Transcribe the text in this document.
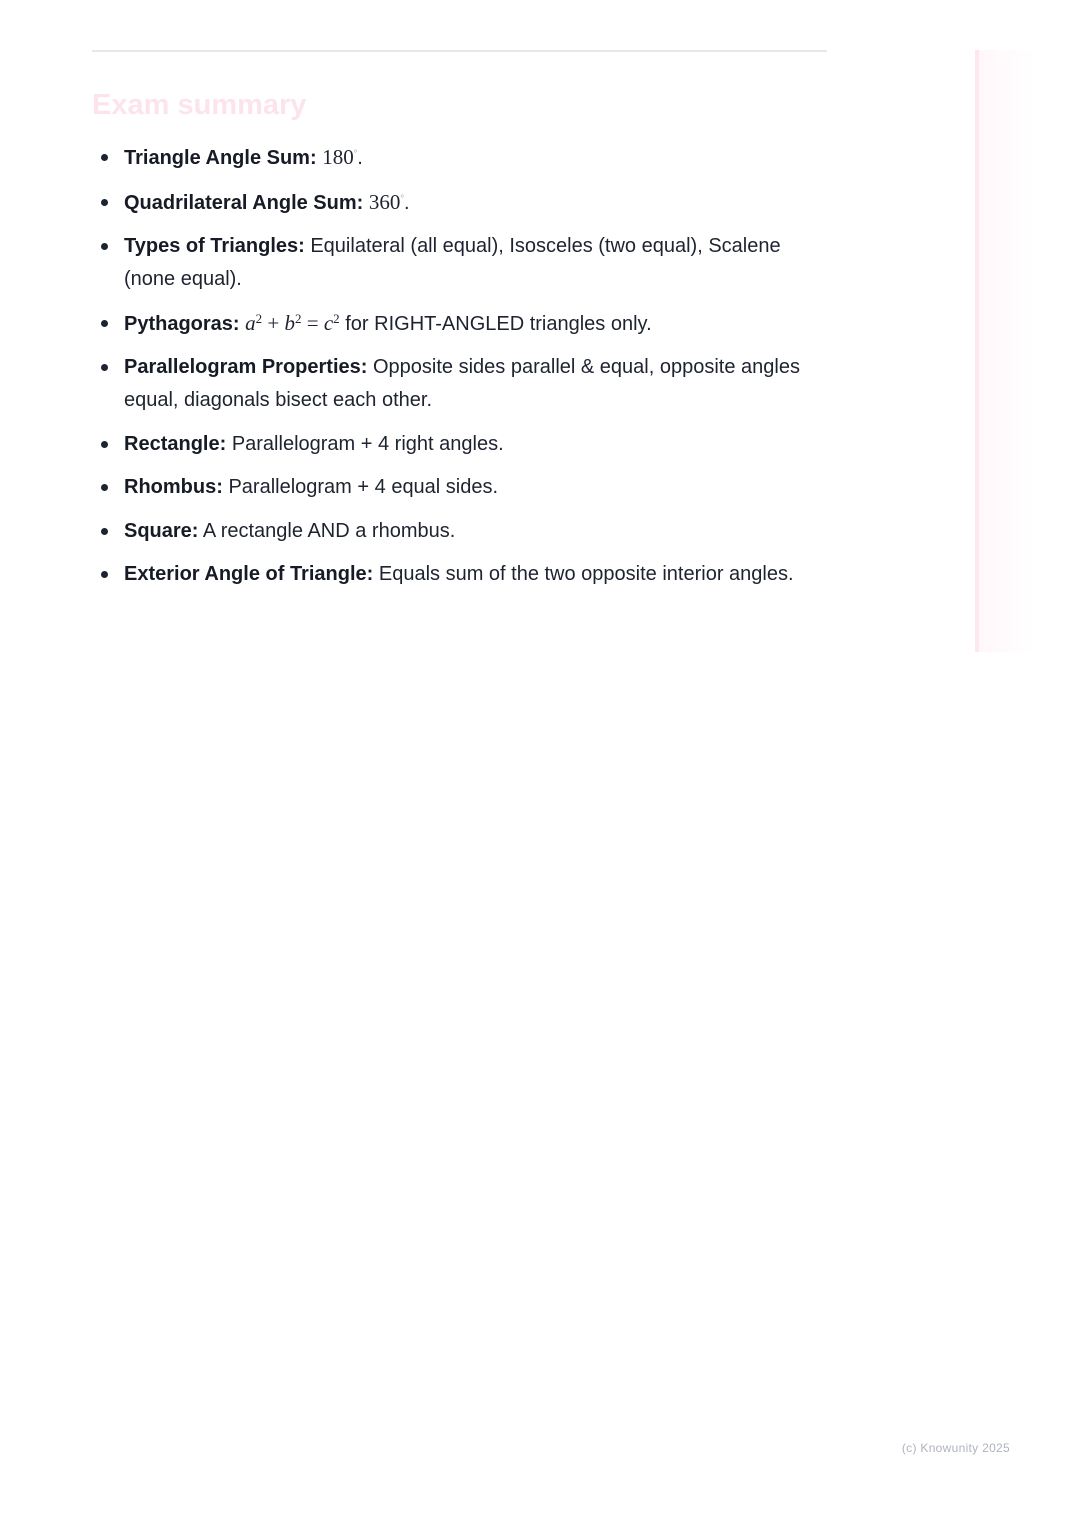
Exam summary
Triangle Angle Sum: 180°.
Quadrilateral Angle Sum: 360°.
Types of Triangles: Equilateral (all equal), Isosceles (two equal), Scalene (none equal).
Pythagoras: $a^2 + b^2 = c^2$ for RIGHT-ANGLED triangles only.
Parallelogram Properties: Opposite sides parallel & equal, opposite angles equal, diagonals bisect each other.
Rectangle: Parallelogram + 4 right angles.
Rhombus: Parallelogram + 4 equal sides.
Square: A rectangle AND a rhombus.
Exterior Angle of Triangle: Equals sum of the two opposite interior angles.
(c) Knowunity 2025
